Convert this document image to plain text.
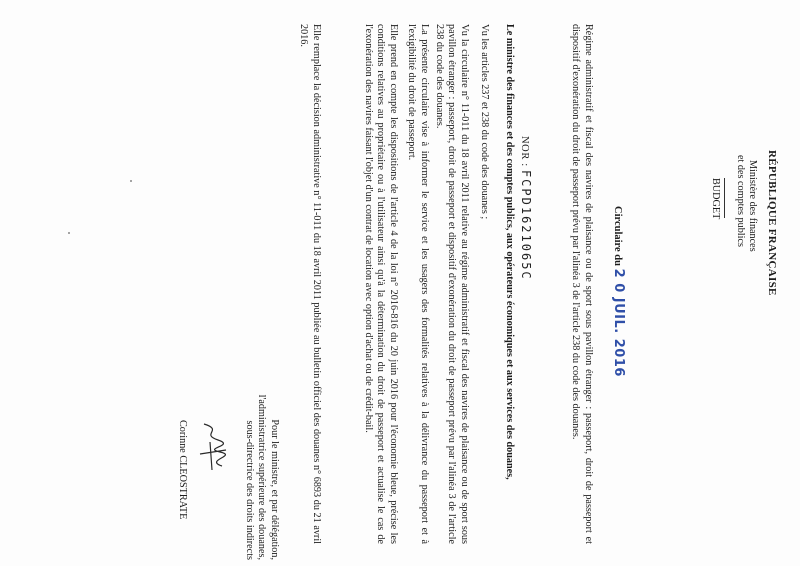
RÉPUBLIQUE FRANÇAISE
Ministère des finances
et des comptes publics
BUDGET
Circulaire du 2 0 JUIL. 2016
Régime administratif et fiscal des navires de plaisance ou de sport sous pavillon étranger : passeport, droit de passeport et dispositif d'exonération du droit de passeport prévu par l'alinéa 3 de l'article 238 du code des douanes.
NOR : FCPD1621065C
Le ministre des finances et des comptes publics, aux opérateurs économiques et aux services des douanes,
Vu les articles 237 et 238 du code des douanes ;
Vu la circulaire n° 11-011 du 18 avril 2011 relative au régime administratif et fiscal des navires de plaisance ou de sport sous pavillon étranger : passeport, droit de passeport et dispositif d'exonération du droit de passeport prévu par l'alinéa 3 de l'article 238 du code des douanes.
La présente circulaire vise à informer le service et les usagers des formalités relatives à la délivrance du passeport et à l'exigibilité du droit de passeport.
Elle prend en compte les dispositions de l'article 4 de la loi n° 2016-816 du 20 juin 2016 pour l'économie bleue, précise les conditions relatives au propriétaire ou à l'utilisateur ainsi qu'à la détermination du droit de passeport et actualise le cas de l'exonération des navires faisant l'objet d'un contrat de location avec option d'achat ou de crédit-bail.
Elle remplace la décision administrative n° 11-011 du 18 avril 2011 publiée au bulletin officiel des douanes n° 6893 du 21 avril 2016.
Pour le ministre, et par délégation,
l'administratrice supérieure des douanes,
sous-directrice des droits indirects
Corinne CLEOSTRATE
